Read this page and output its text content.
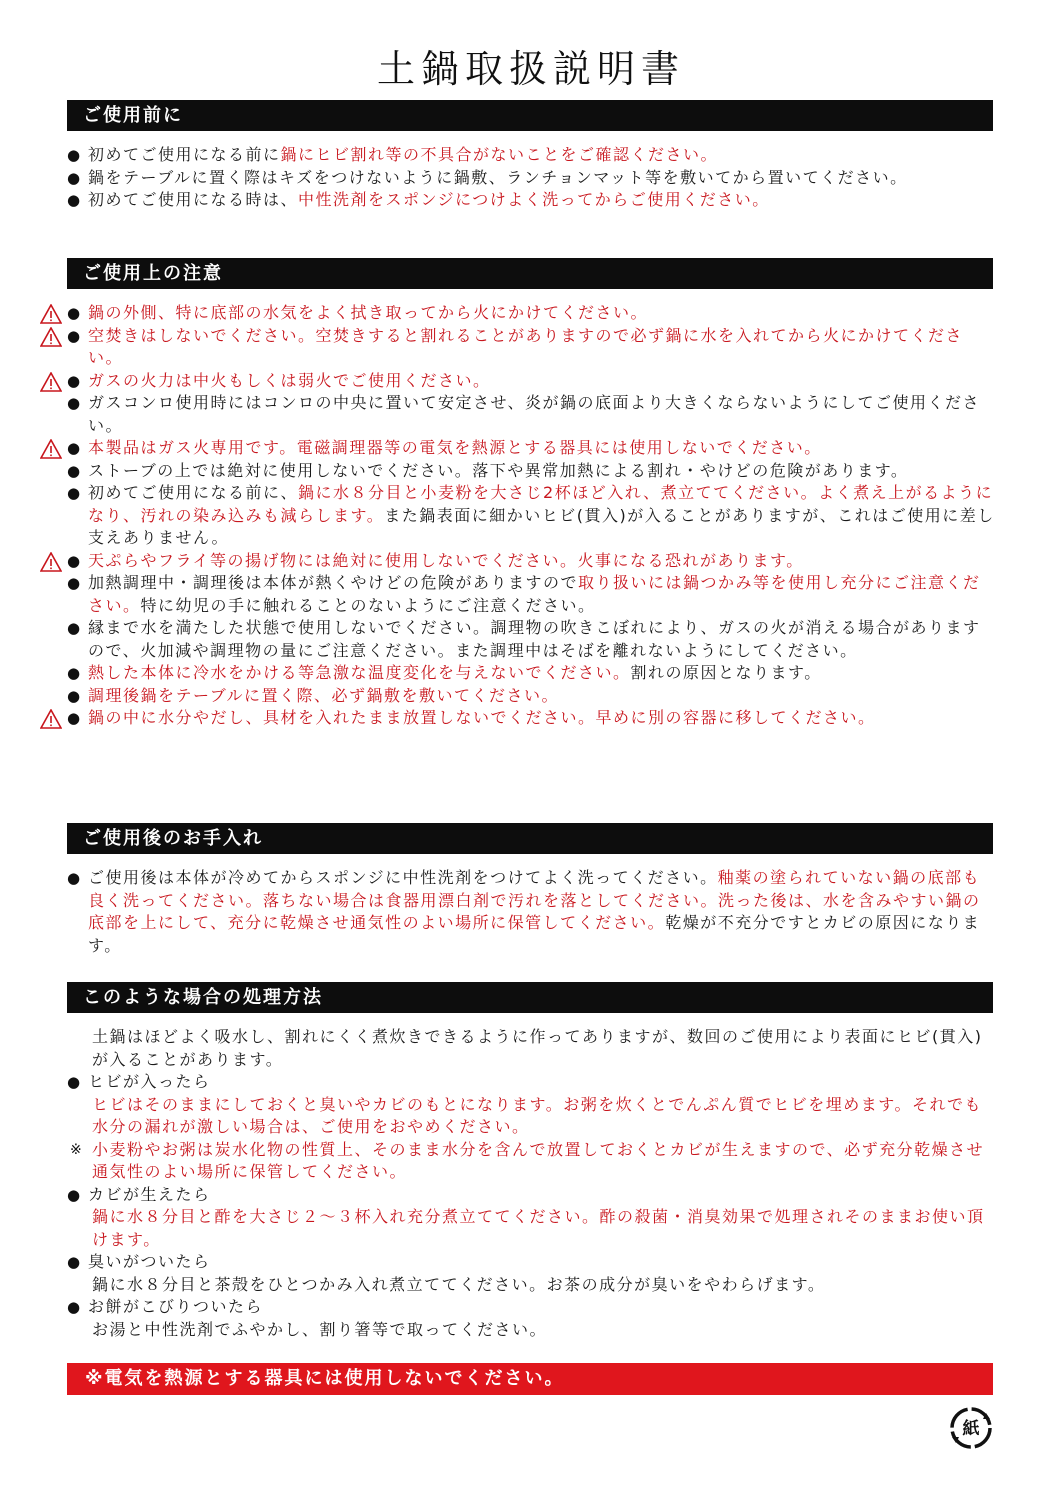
土鍋取扱説明書
ご使用前に
● 初めてご使用になる前に鍋にヒビ割れ等の不具合がないことをご確認ください。
● 鍋をテーブルに置く際はキズをつけないように鍋敷、ランチョンマット等を敷いてから置いてください。
● 初めてご使用になる時は、中性洗剤をスポンジにつけよく洗ってからご使用ください。
ご使用上の注意
● 鍋の外側、特に底部の水気をよく拭き取ってから火にかけてください。
● 空焚きはしないでください。空焚きすると割れることがありますので必ず鍋に水を入れてから火にかけてください。
● ガスの火力は中火もしくは弱火でご使用ください。
● ガスコンロ使用時にはコンロの中央に置いて安定させ、炎が鍋の底面より大きくならないようにしてご使用ください。
● 本製品はガス火専用です。電磁調理器等の電気を熱源とする器具には使用しないでください。
● ストーブの上では絶対に使用しないでください。落下や異常加熱による割れ・やけどの危険があります。
● 初めてご使用になる前に、鍋に水８分目と小麦粉を大さじ2杯ほど入れ、煮立ててください。よく煮え上がるようになり、汚れの染み込みも減らします。また鍋表面に細かいヒビ(貫入)が入ることがありますが、これはご使用に差し支えありません。
● 天ぷらやフライ等の揚げ物には絶対に使用しないでください。火事になる恐れがあります。
● 加熱調理中・調理後は本体が熱くやけどの危険がありますので取り扱いには鍋つかみ等を使用し充分にご注意ください。特に幼児の手に触れることのないようにご注意ください。
● 縁まで水を満たした状態で使用しないでください。調理物の吹きこぼれにより、ガスの火が消える場合がありますので、火加減や調理物の量にご注意ください。また調理中はそばを離れないようにしてください。
● 熱した本体に冷水をかける等急激な温度変化を与えないでください。割れの原因となります。
● 調理後鍋をテーブルに置く際、必ず鍋敷を敷いてください。
● 鍋の中に水分やだし、具材を入れたまま放置しないでください。早めに別の容器に移してください。
ご使用後のお手入れ
● ご使用後は本体が冷めてからスポンジに中性洗剤をつけてよく洗ってください。釉薬の塗られていない鍋の底部も良く洗ってください。落ちない場合は食器用漂白剤で汚れを落としてください。洗った後は、水を含みやすい鍋の底部を上にして、充分に乾燥させ通気性のよい場所に保管してください。乾燥が不充分ですとカビの原因になります。
このような場合の処理方法
土鍋はほどよく吸水し、割れにくく煮炊きできるように作ってありますが、数回のご使用により表面にヒビ(貫入)が入ることがあります。
● ヒビが入ったら
ヒビはそのままにしておくと臭いやカビのもとになります。お粥を炊くとでんぷん質でヒビを埋めます。それでも水分の漏れが激しい場合は、ご使用をおやめください。
※ 小麦粉やお粥は炭水化物の性質上、そのまま水分を含んで放置しておくとカビが生えますので、必ず充分乾燥させ通気性のよい場所に保管してください。
● カビが生えたら
鍋に水８分目と酢を大さじ２〜３杯入れ充分煮立ててください。酢の殺菌・消臭効果で処理されそのままお使い頂けます。
● 臭いがついたら
鍋に水８分目と茶殻をひとつかみ入れ煮立ててください。お茶の成分が臭いをやわらげます。
● お餅がこびりついたら
お湯と中性洗剤でふやかし、割り箸等で取ってください。
※電気を熱源とする器具には使用しないでください。
紙
